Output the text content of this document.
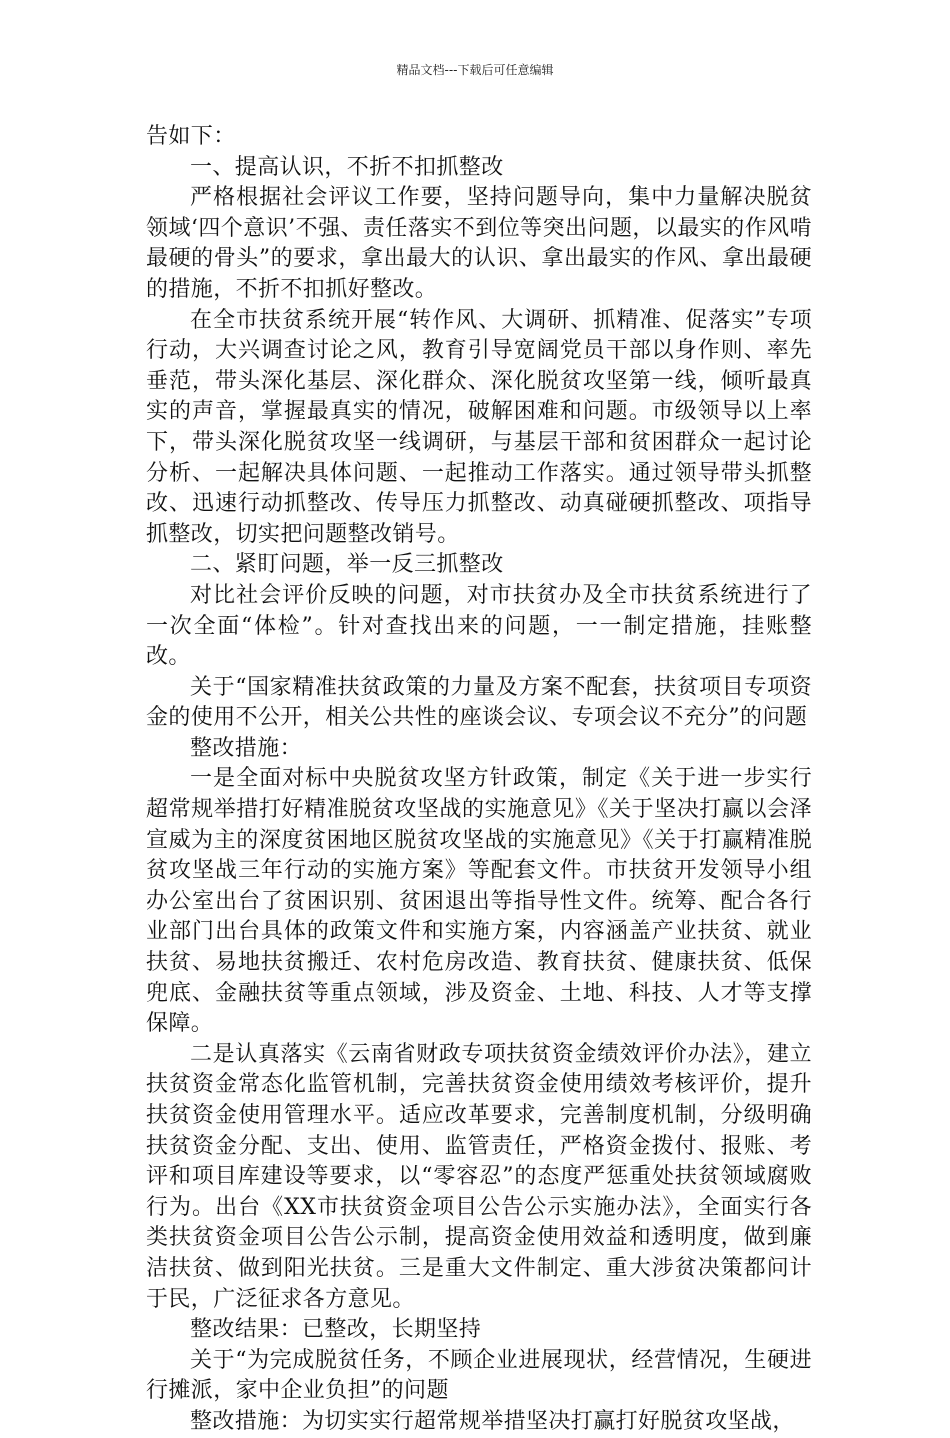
精品文档---下载后可任意编辑

告如下：

一、提高认识，不折不扣抓整改

严格根据社会评议工作要，坚持问题导向，集中力量解决脱贫领域‘四个意识’不强、责任落实不到位等突出问题，以最实的作风啃最硬的骨头”的要求，拿出最大的认识、拿出最实的作风、拿出最硬的措施，不折不扣抓好整改。

在全市扶贫系统开展“转作风、大调研、抓精准、促落实”专项行动，大兴调查讨论之风，教育引导宽阔党员干部以身作则、率先垂范，带头深化基层、深化群众、深化脱贫攻坚第一线，倾听最真实的声音，掌握最真实的情况，破解困难和问题。市级领导以上率下，带头深化脱贫攻坚一线调研，与基层干部和贫困群众一起讨论分析、一起解决具体问题、一起推动工作落实。通过领导带头抓整改、迅速行动抓整改、传导压力抓整改、动真碰硬抓整改、项指导抓整改，切实把问题整改销号。

二、紧盯问题，举一反三抓整改

对比社会评价反映的问题，对市扶贫办及全市扶贫系统进行了一次全面“体检”。针对查找出来的问题，一一制定措施，挂账整改。

关于“国家精准扶贫政策的力量及方案不配套，扶贫项目专项资金的使用不公开，相关公共性的座谈会议、专项会议不充分”的问题

整改措施：

一是全面对标中央脱贫攻坚方针政策，制定《关于进一步实行超常规举措打好精准脱贫攻坚战的实施意见》《关于坚决打赢以会泽宣威为主的深度贫困地区脱贫攻坚战的实施意见》《关于打赢精准脱贫攻坚战三年行动的实施方案》等配套文件。市扶贫开发领导小组办公室出台了贫困识别、贫困退出等指导性文件。统筹、配合各行业部门出台具体的政策文件和实施方案，内容涵盖产业扶贫、就业扶贫、易地扶贫搬迁、农村危房改造、教育扶贫、健康扶贫、低保兜底、金融扶贫等重点领域，涉及资金、土地、科技、人才等支撑保障。

二是认真落实《云南省财政专项扶贫资金绩效评价办法》，建立扶贫资金常态化监管机制，完善扶贫资金使用绩效考核评价，提升扶贫资金使用管理水平。适应改革要求，完善制度机制，分级明确扶贫资金分配、支出、使用、监管责任，严格资金拨付、报账、考评和项目库建设等要求，以“零容忍”的态度严惩重处扶贫领域腐败行为。出台《XX市扶贫资金项目公告公示实施办法》，全面实行各类扶贫资金项目公告公示制，提高资金使用效益和透明度，做到廉洁扶贫、做到阳光扶贫。三是重大文件制定、重大涉贫决策都问计于民，广泛征求各方意见。

整改结果：已整改，长期坚持

关于“为完成脱贫任务，不顾企业进展现状，经营情况，生硬进行摊派，家中企业负担”的问题

整改措施：为切实实行超常规举措坚决打赢打好脱贫攻坚战，
